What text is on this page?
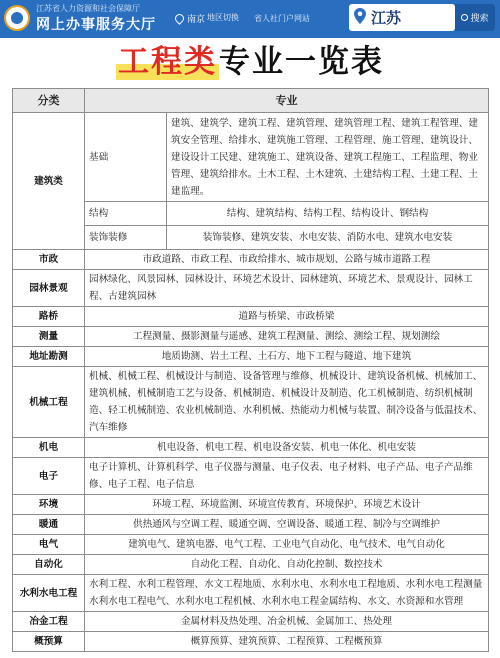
江苏省人力资源和社会保障厅
网上办事服务大厅	南京 地区切换 省人社门户网站	江苏	搜索
工程类专业一览表
分类	专业	
建筑类	基础	建筑、建筑学、建筑工程、建筑管理、建筑管理工程、建筑工程管理、建筑安全管理、给排水、建筑施工管理、工程管理、施工管理、建筑设计、建设设计工民建、建筑施工、建筑设备、建筑工程施工、工程监理、物业管理、建筑给排水。土木工程、土木建筑、土建结构工程、土建工程、土建监理。
	结构	结构、建筑结构、结构工程、结构设计、钢结构
	装饰装修	装饰装修、建筑安装、水电安装、消防水电、建筑水电安装
市政	市政道路、市政工程、市政给排水、城市规划、公路与城市道路工程	
园林景观	园林绿化、风景园林、园林设计、环境艺术设计、园林建筑、环境艺术、景观设计、园林工程、古建筑园林	
路桥	道路与桥梁、市政桥梁	
测量	工程测量、摄影测量与遥感、建筑工程测量、测绘、测绘工程、规划测绘	
地址勘测	地质勘测、岩土工程、土石方、地下工程与隧道、地下建筑	
机械工程	机械、机械工程、机械设计与制造、设备管理与维修、机械设计、建筑设备机械、机械加工、建筑机械、机械制造工艺与设备、机械制造、机械设计及制造、化工机械制造、纺织机械制造、轻工机械制造、农业机械制造、水利机械、热能动力机械与装置、制冷设备与低温技术、汽车维修	
机电	机电设备、机电工程、机电设备安装、机电一体化、机电安装	
电子	电子计算机、计算机科学、电子仪器与测量、电子仪表、电子材料、电子产品、电子产品维修、电子工程、电子信息	
环境	环境工程、环境监测、环境宣传教育、环境保护、环境艺术设计	
暖通	供热通风与空调工程、暖通空调、空调设备、暖通工程、制冷与空调维护	
电气	建筑电气、建筑电器、电气工程、工业电气自动化、电气技术、电气自动化	
自动化	自动化工程、自动化、自动化控制、数控技术	
水利水电工程	水利工程、水利工程管理、水文工程地质、水利水电、水利水电工程地质、水利水电工程测量水利水电工程电气、水利水电工程机械、水利水电工程金属结构、水文、水资源和水管理	
冶金工程	金属材料及热处理、冶金机械、金属加工、热处理	
概预算	概算预算、建筑预算、工程预算、工程概预算	
